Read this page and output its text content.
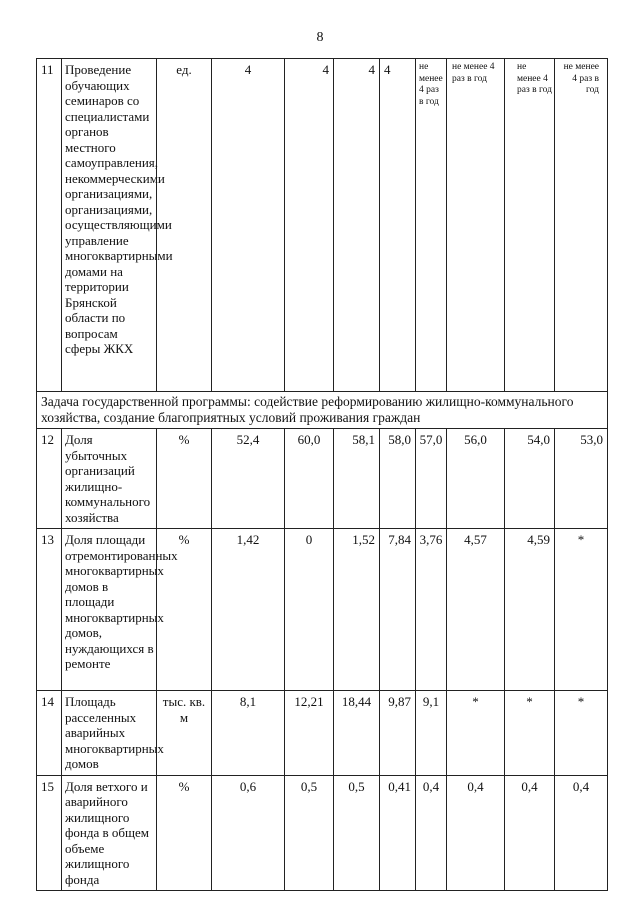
8
11	Проведение обучающих семинаров со специалистами органов местного самоуправления, некоммерческими организациями, организациями, осуществляющими управление многоквартирными домами на территории Брянской области по вопросам сферы ЖКХ	ед.	4	4	4	4	не менее 4 раз в год	не менее 4 раз в год	не менее 4 раз в год	не менее 4 раз в год
Задача государственной программы: содействие реформированию жилищно-коммунального хозяйства, создание благоприятных условий проживания граждан										
12	Доля убыточных организаций жилищно-коммунального хозяйства	%	52,4	60,0	58,1	58,0	57,0	56,0	54,0	53,0
13	Доля площади отремонтированных многоквартирных домов в площади многоквартирных домов, нуждающихся в ремонте	%	1,42	0	1,52	7,84	3,76	4,57	4,59	*
14	Площадь расселенных аварийных многоквартирных домов	тыс. кв. м	8,1	12,21	18,44	9,87	9,1	*	*	*
15	Доля ветхого и аварийного жилищного фонда в общем объеме жилищного фонда	%	0,6	0,5	0,5	0,41	0,4	0,4	0,4	0,4
